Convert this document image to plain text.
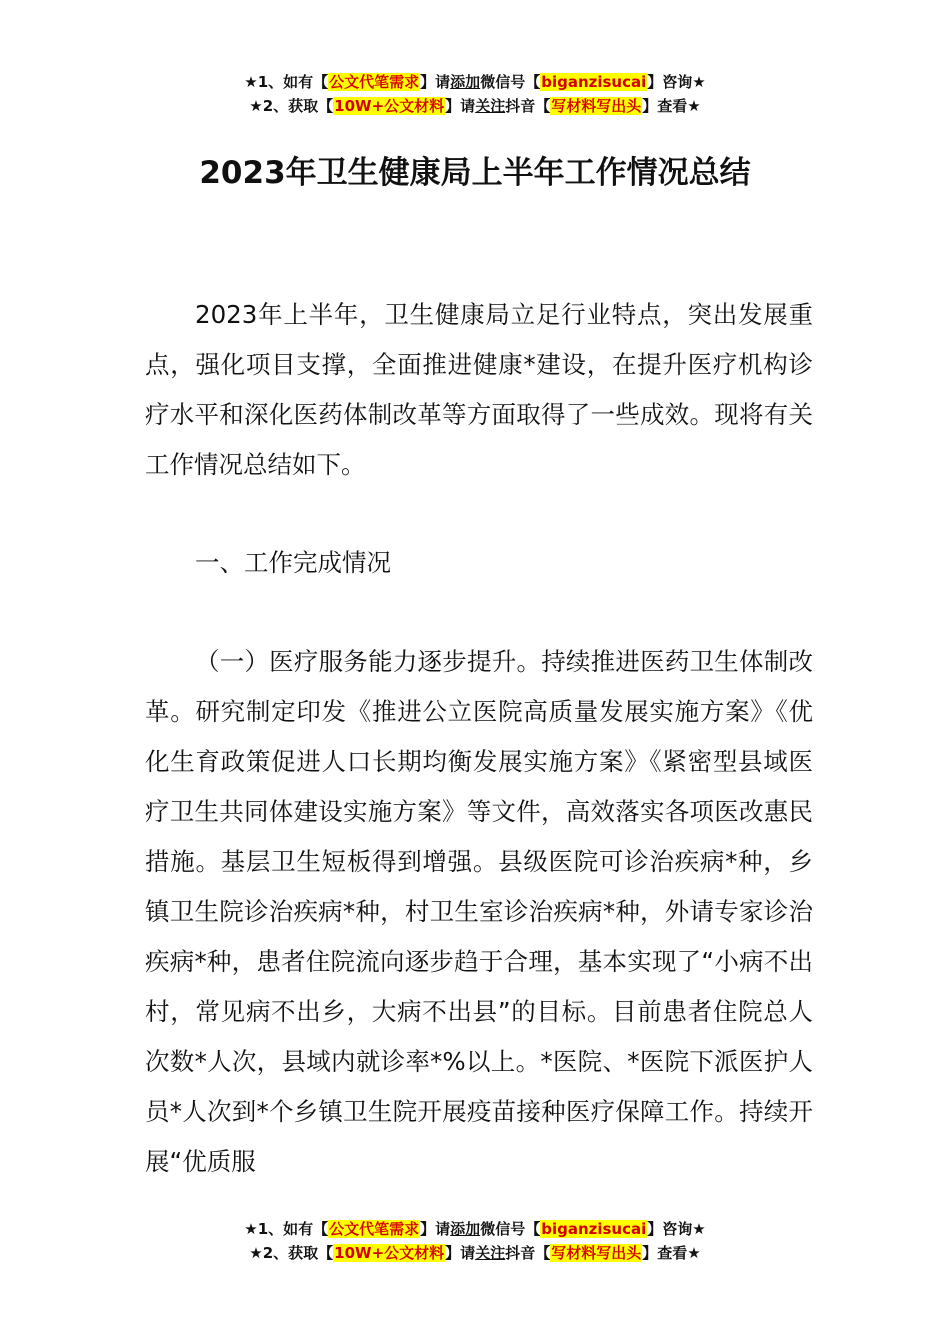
★1、如有【公文代笔需求】请添加微信号【biganzisucai】咨询★
★2、获取【10W+公文材料】请关注抖音【写材料写出头】查看★
2023年卫生健康局上半年工作情况总结

2023年上半年，卫生健康局立足行业特点，突出发展重点，强化项目支撑，全面推进健康*建设，在提升医疗机构诊疗水平和深化医药体制改革等方面取得了一些成效。现将有关工作情况总结如下。

一、工作完成情况

（一）医疗服务能力逐步提升。持续推进医药卫生体制改革。研究制定印发《推进公立医院高质量发展实施方案》《优化生育政策促进人口长期均衡发展实施方案》《紧密型县域医疗卫生共同体建设实施方案》等文件，高效落实各项医改惠民措施。基层卫生短板得到增强。县级医院可诊治疾病*种，乡镇卫生院诊治疾病*种，村卫生室诊治疾病*种，外请专家诊治疾病*种，患者住院流向逐步趋于合理，基本实现了“小病不出村，常见病不出乡，大病不出县”的目标。目前患者住院总人次数*人次，县域内就诊率*%以上。*医院、*医院下派医护人员*人次到*个乡镇卫生院开展疫苗接种医疗保障工作。持续开展“优质服

★1、如有【公文代笔需求】请添加微信号【biganzisucai】咨询★
★2、获取【10W+公文材料】请关注抖音【写材料写出头】查看★
